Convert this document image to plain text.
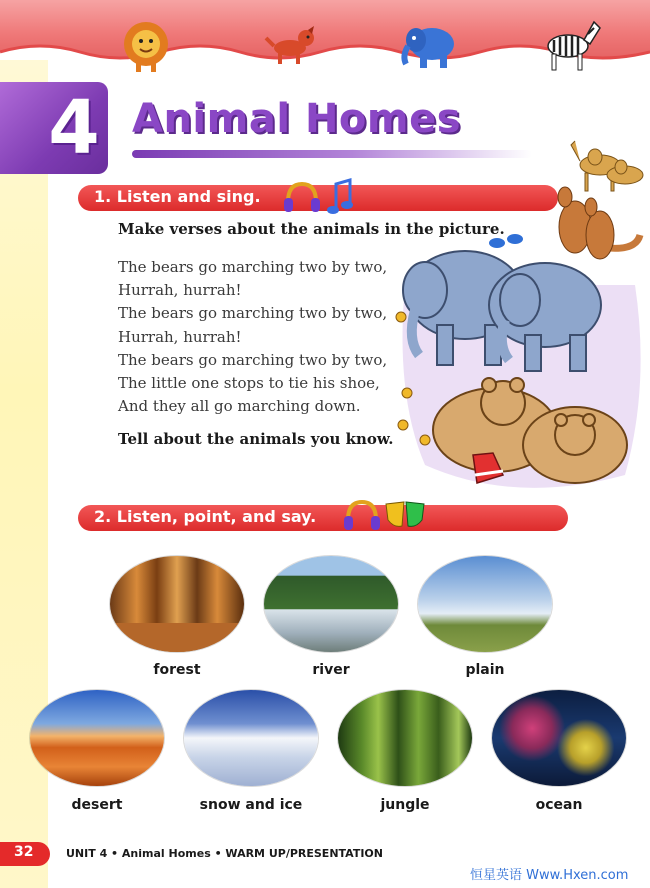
4 Animal Homes
1. Listen and sing.
Make verses about the animals in the picture.
The bears go marching two by two,
Hurrah, hurrah!
The bears go marching two by two,
Hurrah, hurrah!
The bears go marching two by two,
The little one stops to tie his shoe,
And they all go marching down.
Tell about the animals you know.
2. Listen, point, and say.
forest	river	plain
desert	snow and ice	jungle	ocean
32	UNIT 4 • Animal Homes • WARM UP/PRESENTATION
恒星英语 Www.Hxen.com
